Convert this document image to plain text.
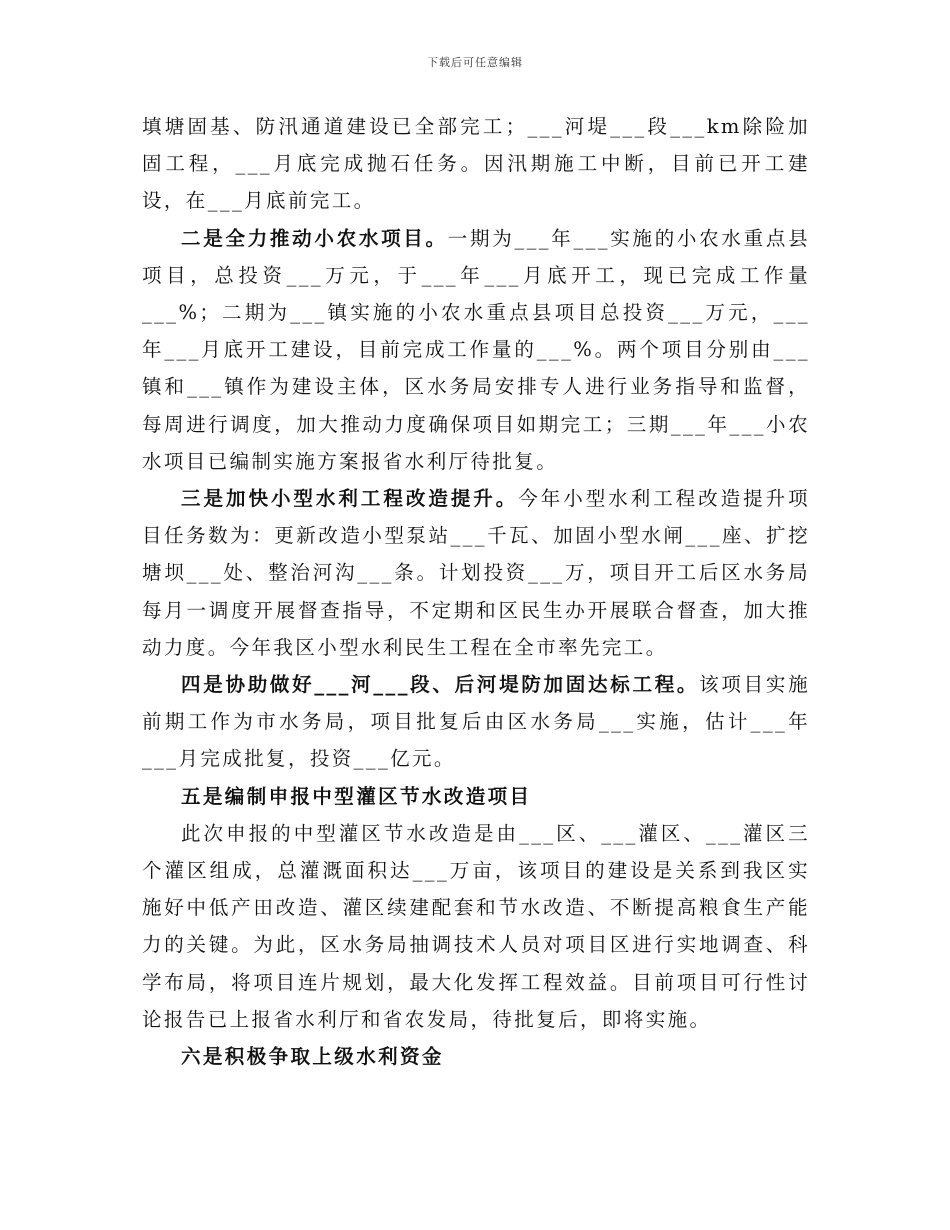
下载后可任意编辑

填塘固基、防汛通道建设已全部完工；___河堤___段___km除险加固工程，___月底完成抛石任务。因汛期施工中断，目前已开工建设，在___月底前完工。

二是全力推动小农水项目。一期为___年___实施的小农水重点县项目，总投资___万元，于___年___月底开工，现已完成工作量___%；二期为___镇实施的小农水重点县项目总投资___万元，___年___月底开工建设，目前完成工作量的___%。两个项目分别由___镇和___镇作为建设主体，区水务局安排专人进行业务指导和监督，每周进行调度，加大推动力度确保项目如期完工；三期___年___小农水项目已编制实施方案报省水利厅待批复。

三是加快小型水利工程改造提升。今年小型水利工程改造提升项目任务数为：更新改造小型泵站___千瓦、加固小型水闸___座、扩挖塘坝___处、整治河沟___条。计划投资___万，项目开工后区水务局每月一调度开展督查指导，不定期和区民生办开展联合督查，加大推动力度。今年我区小型水利民生工程在全市率先完工。

四是协助做好___河___段、后河堤防加固达标工程。该项目实施前期工作为市水务局，项目批复后由区水务局___实施，估计___年___月完成批复，投资___亿元。

五是编制申报中型灌区节水改造项目

此次申报的中型灌区节水改造是由___区、___灌区、___灌区三个灌区组成，总灌溉面积达___万亩，该项目的建设是关系到我区实施好中低产田改造、灌区续建配套和节水改造、不断提高粮食生产能力的关键。为此，区水务局抽调技术人员对项目区进行实地调查、科学布局，将项目连片规划，最大化发挥工程效益。目前项目可行性讨论报告已上报省水利厅和省农发局，待批复后，即将实施。

六是积极争取上级水利资金
